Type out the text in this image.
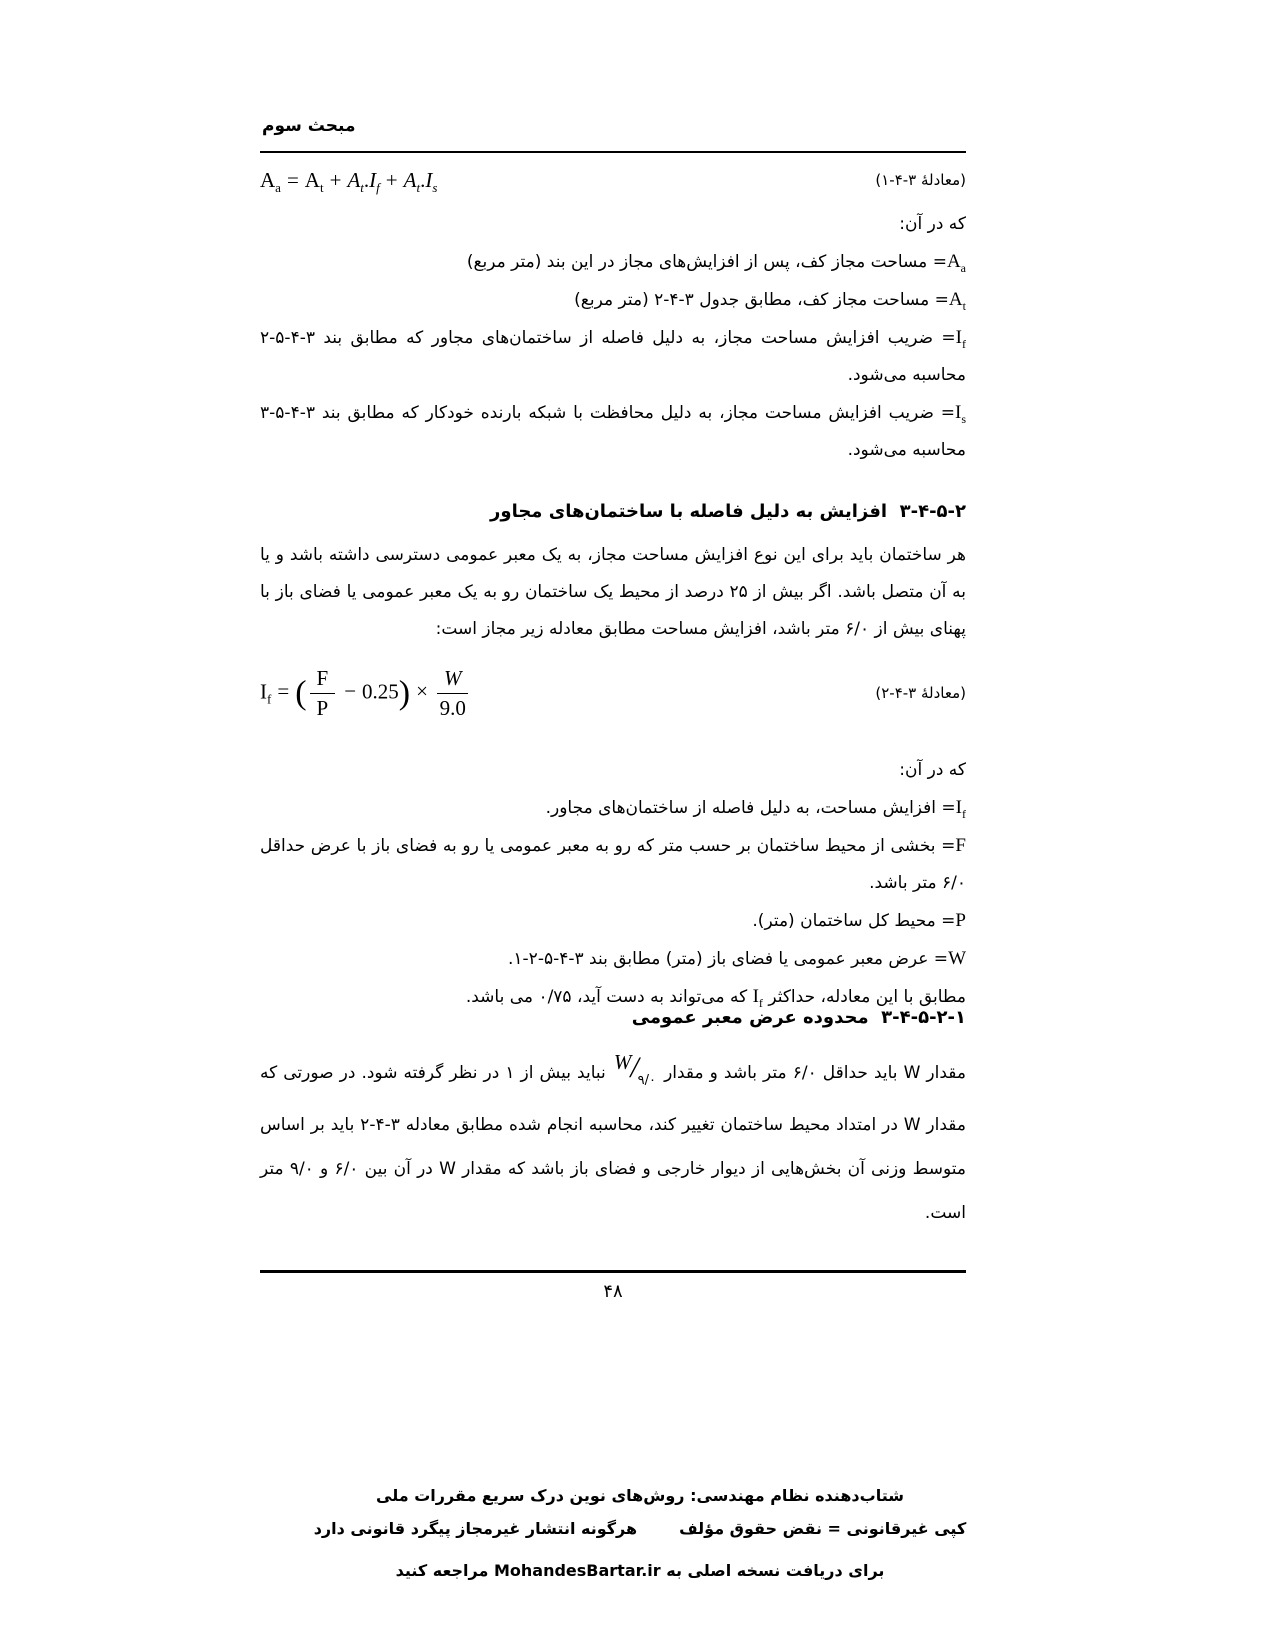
مبحث سوم
$A_a = A_t + A_t.I_f + A_t.I_s$	(معادلهٔ ۳-۴-۱)
که در آن:
$A_a=$ مساحت مجاز کف، پس از افزایش‌های مجاز در این بند (متر مربع)
$A_t=$ مساحت مجاز کف، مطابق جدول ۳-۴-۲ (متر مربع)
$I_f=$ ضریب افزایش مساحت مجاز، به دلیل فاصله از ساختمان‌های مجاور که مطابق بند ۳-۴-۵-۲ محاسبه می‌شود.
$I_s=$ ضریب افزایش مساحت مجاز، به دلیل محافظت با شبکه بارنده خودکار که مطابق بند ۳-۴-۵-۳ محاسبه می‌شود.
۳-۴-۵-۲  افزایش به دلیل فاصله با ساختمان‌های مجاور
هر ساختمان باید برای این نوع افزایش مساحت مجاز، به یک معبر عمومی دسترسی داشته باشد و یا به آن متصل باشد. اگر بیش از ۲۵ درصد از محیط یک ساختمان رو به یک معبر عمومی یا فضای باز با پهنای بیش از ۶/۰ متر باشد، افزایش مساحت مطابق معادله زیر مجاز است:
$I_f$ = ( $\frac{F}{P} - 0.25) \times \frac{W}{9.0}$	(معادلهٔ ۳-۴-۲)
که در آن:
$I_f=$ افزایش مساحت، به دلیل فاصله از ساختمان‌های مجاور.
F= بخشی از محیط ساختمان بر حسب متر که رو به معبر عمومی یا رو به فضای باز با عرض حداقل ۶/۰ متر باشد.
P= محیط کل ساختمان (متر).
W= عرض معبر عمومی یا فضای باز (متر) مطابق بند ۳-۴-۵-۲-۱.
مطابق با این معادله، حداکثر $I_f$ که می‌تواند به دست آید، ۰/۷۵ می باشد.
۳-۴-۵-۲-۱  محدوده عرض معبر عمومی
مقدار W باید حداقل ۶/۰ متر باشد و مقدار $W/_{۹/۰}$ نباید بیش از ۱ در نظر گرفته شود. در صورتی که مقدار W در امتداد محیط ساختمان تغییر کند، محاسبه انجام شده مطابق معادله ۳-۴-۲ باید بر اساس متوسط وزنی آن بخش‌هایی از دیوار خارجی و فضای باز باشد که مقدار W در آن بین ۶/۰ و ۹/۰ متر است.
۴۸
شتاب‌دهنده نظام مهندسی: روش‌های نوین درک سریع مقررات ملی
کپی غیرقانونی = نقض حقوق مؤلفهرگونه انتشار غیرمجاز پیگرد قانونی دارد
برای دریافت نسخه اصلی به MohandesBartar.ir مراجعه کنید
